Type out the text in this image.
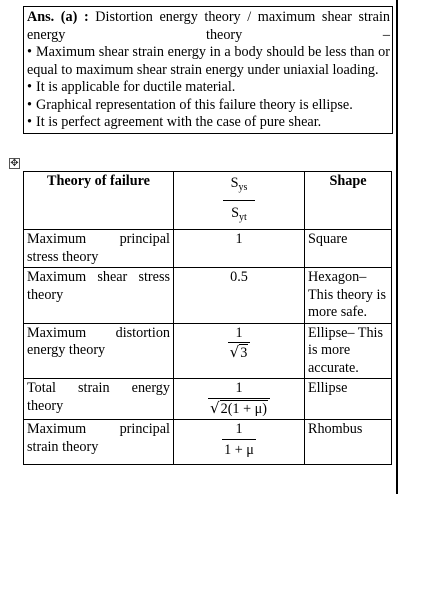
Ans. (a) : Distortion energy theory / maximum shear strain energy theory –

• Maximum shear strain energy in a body should be less than or equal to maximum shear strain energy under uniaxial loading.

• It is applicable for ductile material.

• Graphical representation of this failure theory is ellipse.

• It is perfect agreement with the case of pure shear.

✥
Theory of failure	$\frac{S_{ys}}{S_{yt}}$	Shape
Maximum principal stress theory	1	Square
Maximum shear stress theory	0.5	Hexagon– This theory is more safe.
Maximum distortion energy theory	$\frac{1}{√3}$	Ellipse– This is more accurate.
Total strain energy theory	$\frac{1}{√2(1 + \mu)}$	Ellipse
Maximum principal strain theory	$\frac{1}{1 + \mu}$	Rhombus
